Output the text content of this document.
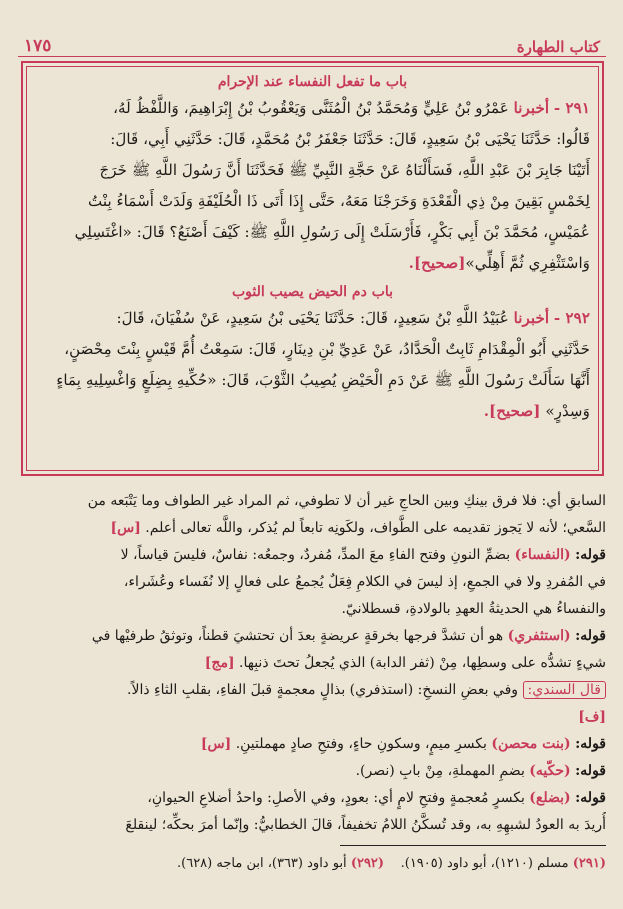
كتاب الطهارة
١٧٥

باب ما تفعل النفساء عند الإحرام

٢٩١ - أخبرنا عَمْرُو بْنُ عَلِيٍّ وَمُحَمَّدُ بْنُ الْمُثَنَّى وَيَعْقُوبُ بْنُ إِبْرَاهِيمَ، وَاللَّفْظُ لَهُ،
قَالُوا: حَدَّثَنَا يَحْيَى بْنُ سَعِيدٍ، قَالَ: حَدَّثَنَا جَعْفَرُ بْنُ مُحَمَّدٍ، قَالَ: حَدَّثَنِي أَبِي، قَالَ:
أَتَيْنَا جَابِرَ بْنَ عَبْدِ اللَّهِ، فَسَأَلْنَاهُ عَنْ حَجَّةِ النَّبِيِّ ﷺ فَحَدَّثَنَا أَنَّ رَسُولَ اللَّهِ ﷺ خَرَجَ
لِخَمْسٍ بَقِينَ مِنْ ذِي الْقَعْدَةِ وَخَرَجْنَا مَعَهُ، حَتَّى إِذَا أَتَى ذَا الْحُلَيْفَةِ وَلَدَتْ أَسْمَاءُ بِنْتُ
عُمَيْسٍ، مُحَمَّدَ بْنَ أَبِي بَكْرٍ، فَأَرْسَلَتْ إِلَى رَسُولِ اللَّهِ ﷺ: كَيْفَ أَصْنَعُ؟ قَالَ: «اغْتَسِلِي
وَاسْتَثْفِرِي ثُمَّ أَهِلِّي»[صحيح].

باب دم الحيض يصيب الثوب

٢٩٢ - أخبرنا عُبَيْدُ اللَّهِ بْنُ سَعِيدٍ، قَالَ: حَدَّثَنَا يَحْيَى بْنُ سَعِيدٍ، عَنْ سُفْيَانَ، قَالَ:
حَدَّثَنِي أَبُو الْمِقْدَامِ ثَابِتٌ الْحَدَّادُ، عَنْ عَدِيِّ بْنِ دِينَارٍ، قَالَ: سَمِعْتُ أُمَّ قَيْسٍ بِنْتَ مِحْصَنٍ،
أَنَّهَا سَأَلَتْ رَسُولَ اللَّهِ ﷺ عَنْ دَمِ الْحَيْضِ يُصِيبُ الثَّوْبَ، قَالَ: «حُكِّيهِ بِضِلَعٍ وَاغْسِلِيهِ بِمَاءٍ
وَسِدْرٍ» [صحيح].
السابقِ أي: فلا فرق بينكِ وبين الحاجِ غير أن لا تطوفي، ثم المراد غير الطواف وما يَتْبَعه من
السَّعي؛ لأنه لا يَجوز تقديمه على الطَّواف، ولكَونِه تابعاً لم يُذكر، واللَّه تعالى أعلم. [س]
قوله: (النفساء) بضمِّ النونِ وفتح الفاءِ معَ المدِّ، مُفردٌ، وجمعُه: نفاسٌ، فليسَ قياساً، لا
في المُفردِ ولا في الجمعِ، إذ ليسَ في الكلامِ فِعَلٌ يُجمعُ على فعالٍ إلا نُفَساء وعُشَراء،
والنفساءُ هي الحديثةُ العهدِ بالولادةِ، قسطلانيّ.
قوله: (استثفري) هو أن تشدَّ فرجها بخرقةٍ عريضةٍ بعدَ أن تحتشيَ قطناً، وتوثقُ طرفيْها في
شيءٍ تشدُّه على وسطِها، مِنْ (ثفر الدابة) الذي يُجعلُ تحتَ ذنبِها. [مج]
قال السندي: وفي بعضِ النسخِ: (استذفري) بذالٍ معجمةٍ قبلَ الفاءِ، بقلبِ الثاءِ ذالاً.
[ف]
قوله: (بنت محصن) بكسرِ ميمٍ، وسكونِ حاءٍ، وفتحِ صادٍ مهملتينِ. [س]
قوله: (حكّيه) بضمِ المهملةِ، مِنْ بابِ (نصر).
قوله: (بضلع) بكسرٍ مُعجمةٍ وفتحِ لامٍ أي: بعودٍ، وفي الأصلِ: واحدُ أضلاعِ الحيوانِ،
أُريدَ به العودُ لشبهِهِ به، وقد تُسكَّنُ اللامُ تخفيفاً، قالَ الخطابيُّ: وإنّما أمرَ بحكِّه؛ لينقلعَ
(٢٩١) مسلم (١٢١٠)، أبو داود (١٩٠٥).    (٢٩٢) أبو داود (٣٦٣)، ابن ماجه (٦٢٨).
